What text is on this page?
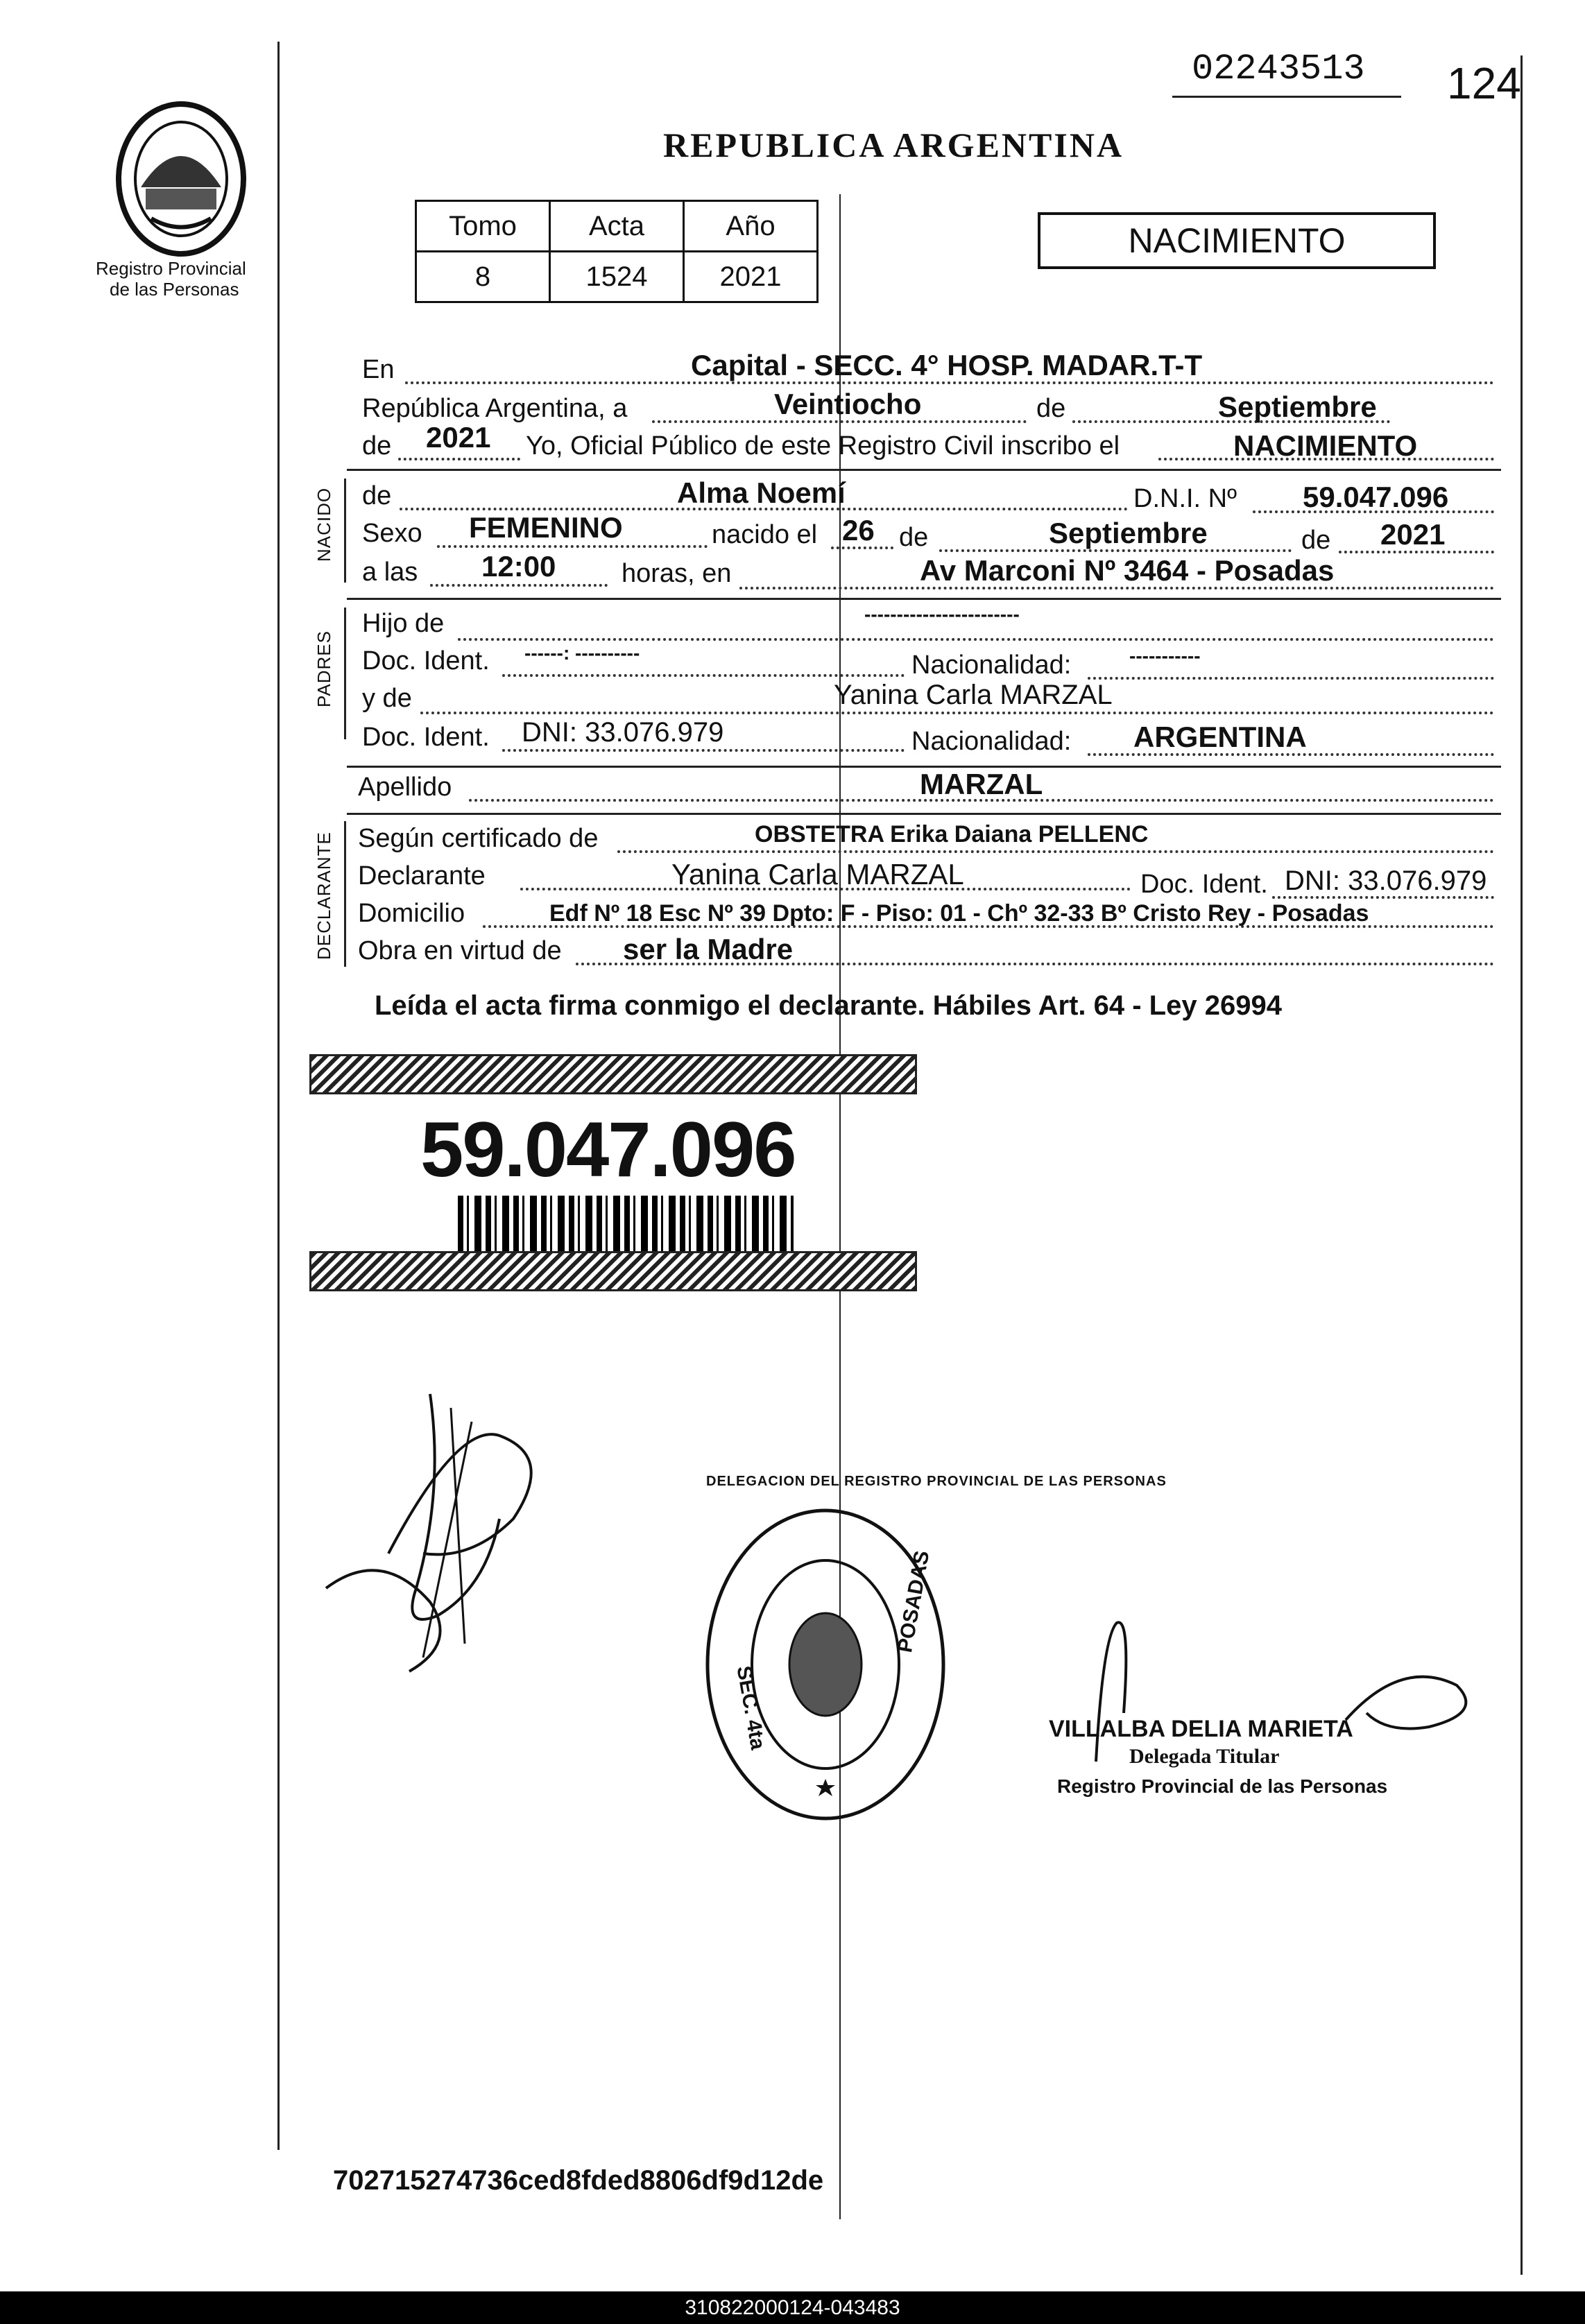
Registro Provincial
de las Personas
02243513 124
REPUBLICA ARGENTINA
Tomo	Acta	Año
8	1524	2021
NACIMIENTO
En	Capital - SECC. 4° HOSP. MADAR.T-T
República Argentina, a	Veintiocho	de	Septiembre
de 2021 Yo, Oficial Público de este Registro Civil inscribo el	NACIMIENTO
NACIDO de	Alma Noemí	D.N.I. Nº 59.047.096
Sexo FEMENINO	nacido el 26 de	Septiembre	de 2021
a las 12:00 horas, en	Av Marconi Nº 3464 - Posadas
PADRES
Hijo de	------------------------
Doc. Ident. ------: ----------	Nacionalidad:	-----------
y de	Yanina Carla MARZAL
Doc. Ident. DNI: 33.076.979	Nacionalidad: ARGENTINA
Apellido	MARZAL
DECLARANTE Según certificado de	OBSTETRA Erika Daiana PELLENC
Declarante	Yanina Carla MARZAL	Doc. Ident. DNI: 33.076.979
Domicilio	Edf Nº 18 Esc Nº 39 Dpto: F - Piso: 01 - Chº 32-33 Bº Cristo Rey - Posadas
Obra en virtud de ser la Madre
Leída el acta firma conmigo el declarante. Hábiles Art. 64 - Ley 26994
59.047.096
DELEGACION DEL REGISTRO PROVINCIAL DE LAS PERSONAS
SEC. 4ta
POSADAS
VILLALBA DELIA MARIETA
Delegada Titular
Registro Provincial de las Personas
702715274736ced8fded8806df9d12de
310822000124-043483
